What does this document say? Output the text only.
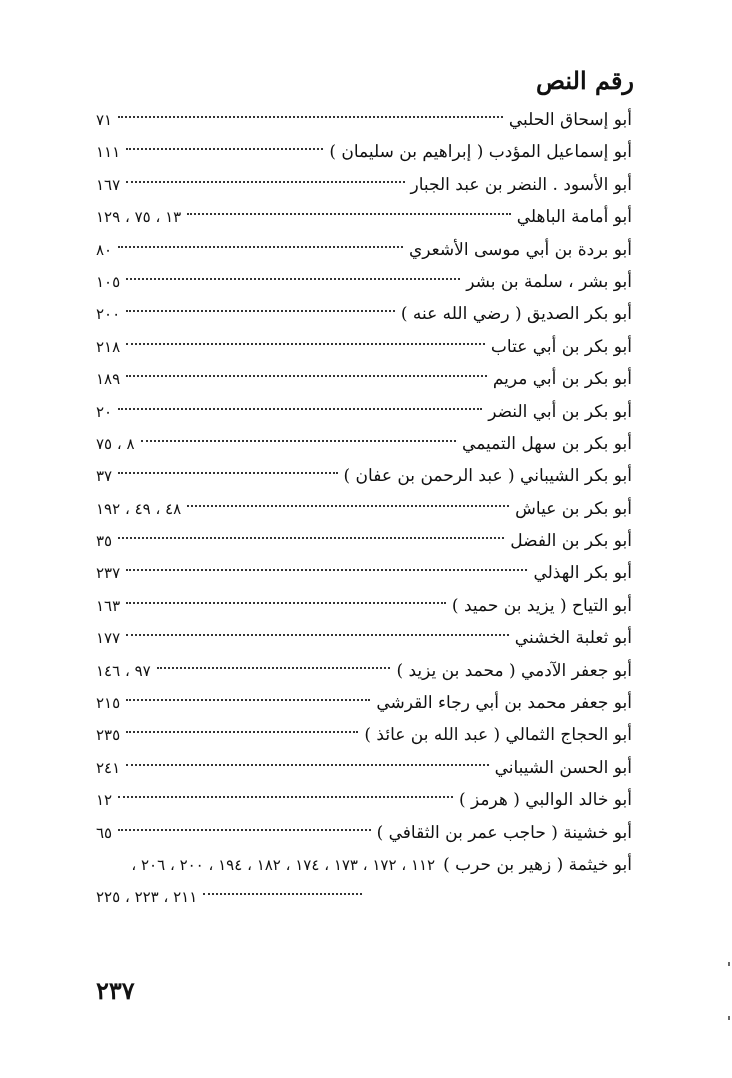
رقم النص
أبو إسحاق الحلبي
٧١
أبو إسماعيل المؤدب ( إبراهيم بن سليمان )
١١١
أبو الأسود . النضر بن عبد الجبار
١٦٧
أبو أمامة الباهلي
١٣ ، ٧٥ ، ١٢٩
أبو بردة بن أبي موسى الأشعري
٨٠
أبو بشر ، سلمة بن بشر
١٠٥
أبو بكر الصديق ( رضي الله عنه )
٢٠٠
أبو بكر بن أبي عتاب
٢١٨
أبو بكر بن أبي مريم
١٨٩
أبو بكر بن أبي النضر
٢٠
أبو بكر بن سهل التميمي
٨ ، ٧٥
أبو بكر الشيباني ( عبد الرحمن بن عفان )
٣٧
أبو بكر بن عياش
٤٨ ، ٤٩ ، ١٩٢
أبو بكر بن الفضل
٣٥
أبو بكر الهذلي
٢٣٧
أبو التياح ( يزيد بن حميد )
١٦٣
أبو ثعلبة الخشني
١٧٧
أبو جعفر الآدمي ( محمد بن يزيد )
٩٧ ، ١٤٦
أبو جعفر محمد بن أبي رجاء القرشي
٢١٥
أبو الحجاج الثمالي ( عبد الله بن عائذ )
٢٣٥
أبو الحسن الشيباني
٢٤١
أبو خالد الوالبي ( هرمز )
١٢
أبو خشينة ( حاجب عمر بن الثقافي )
٦٥
أبو خيثمة ( زهير بن حرب )
١١٢ ، ١٧٢ ، ١٧٣ ، ١٧٤ ، ١٨٢ ، ١٩٤ ، ٢٠٠ ، ٢٠٦ ،
٢١١ ، ٢٢٣ ، ٢٢٥
٢٣٧
